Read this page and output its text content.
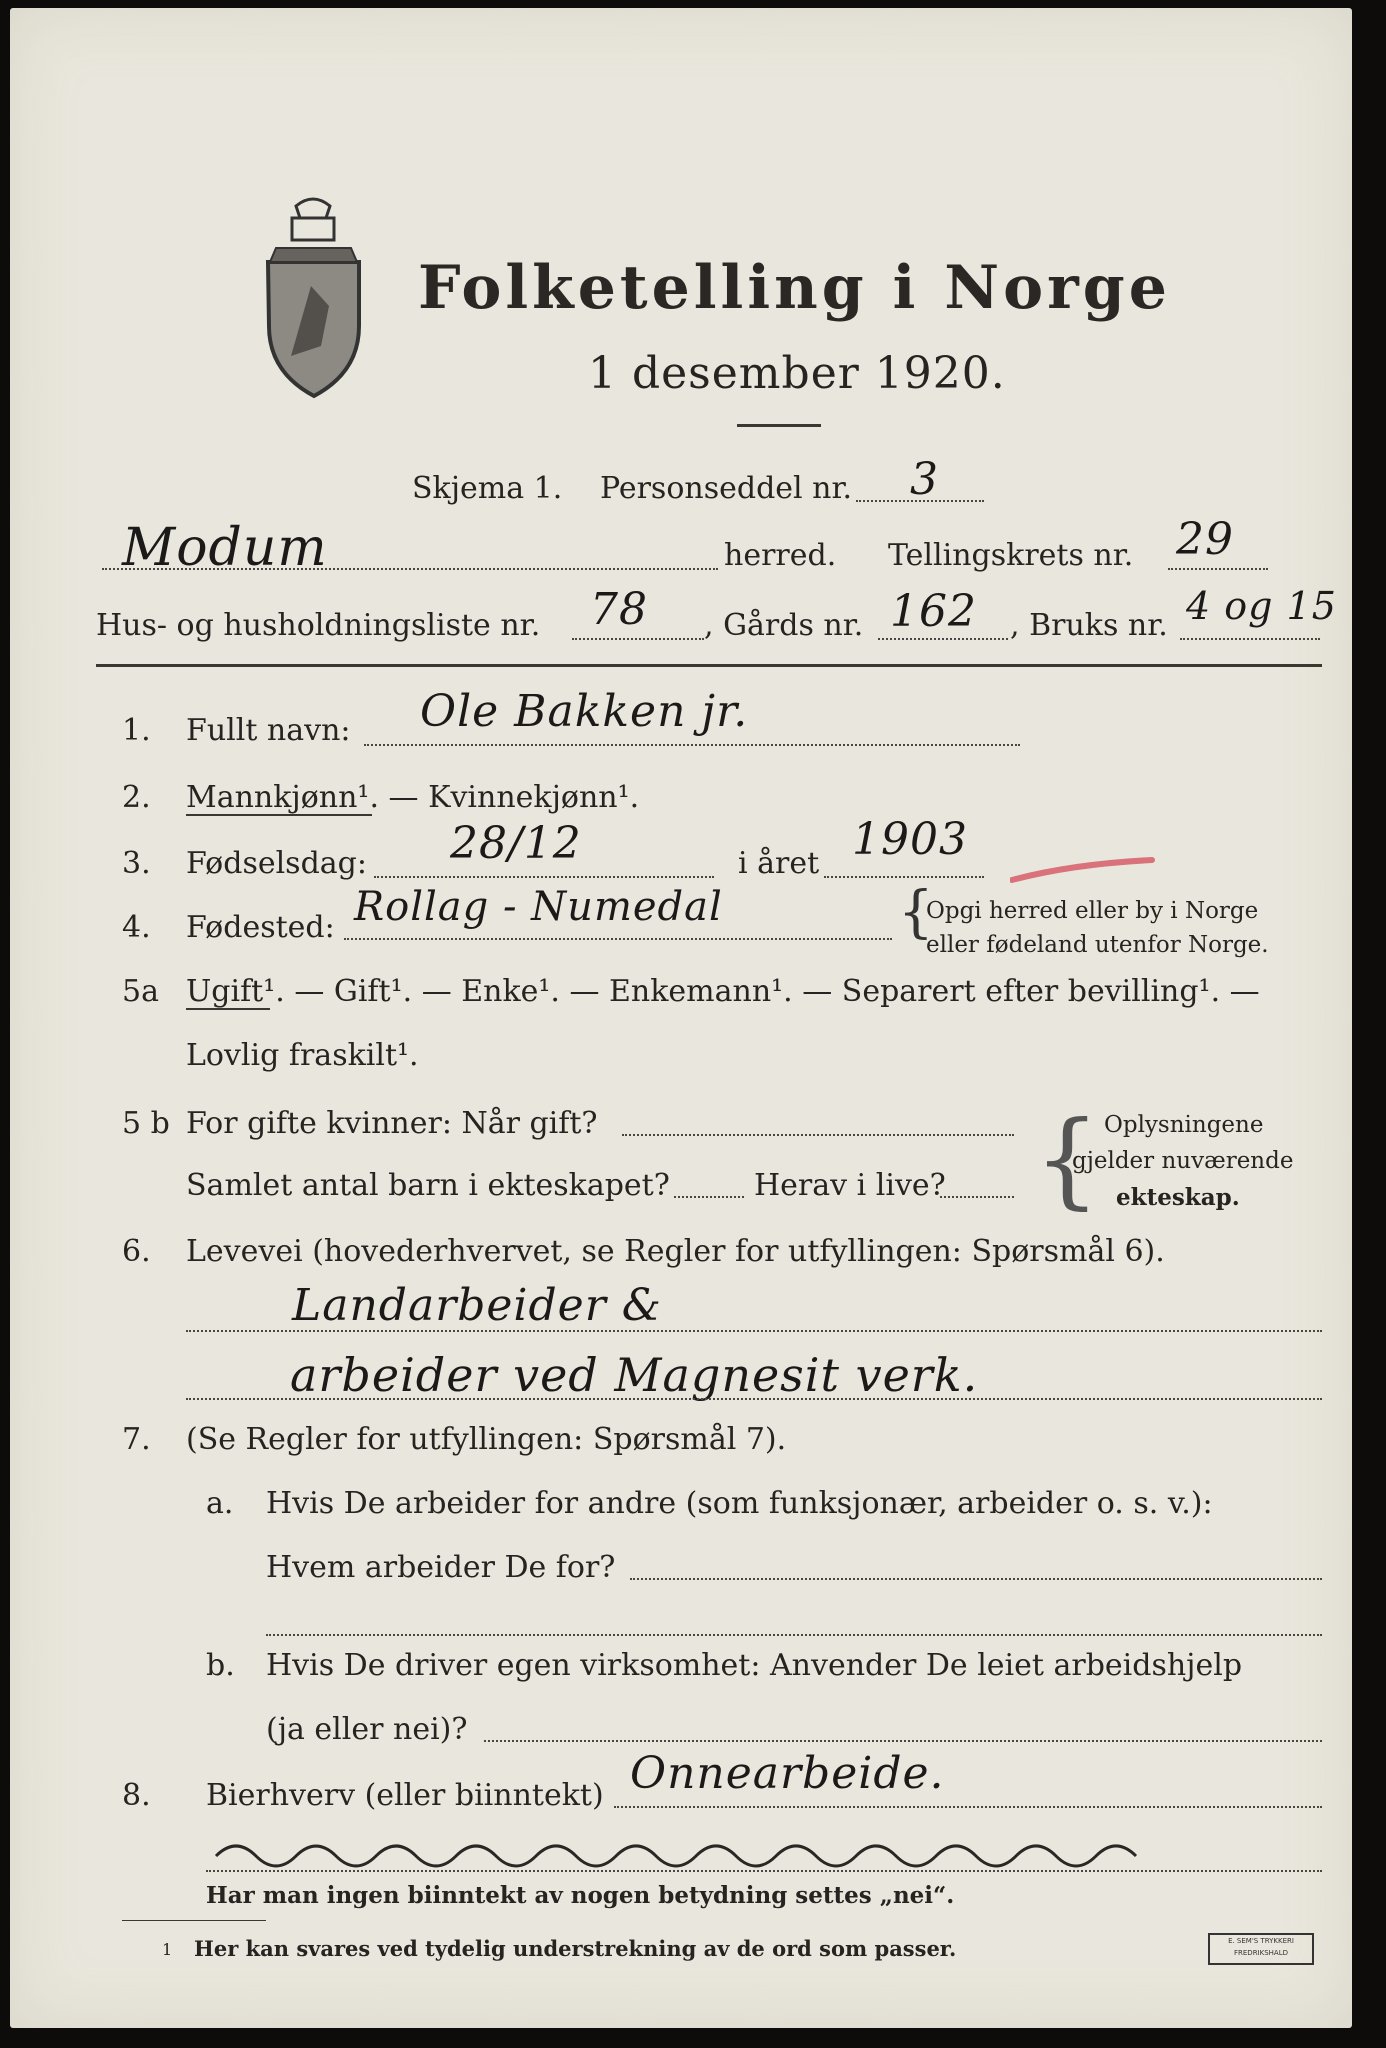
Folketelling i Norge
1 desember 1920.
Skjema 1. Personseddel nr. 3
Modum	herred. Tellingskrets nr. 29
Hus- og husholdningsliste nr. 78 , Gårds nr. 162 , Bruks nr. 4 og 15
1. Fullt navn: Ole Bakken jr.
2. Mannkjønn¹. — Kvinnekjønn¹.
3. Fødselsdag: 28/12	i året 1903
4. Fødested: Rollag - Numedal	{
Opgi herred eller by i Norge
eller fødeland utenfor Norge.
5a Ugift¹. — Gift¹. — Enke¹. — Enkemann¹. — Separert efter bevilling¹. —
Lovlig fraskilt¹.
5 b For gifte kvinner: Når gift?
Samlet antal barn i ekteskapet?	Herav i live? { Oplysningene
gjelder nuværende
ekteskap.
6. Levevei (hovederhvervet, se Regler for utfyllingen: Spørsmål 6).
Landarbeider &
arbeider ved Magnesit verk.
7. (Se Regler for utfyllingen: Spørsmål 7).
a. Hvis De arbeider for andre (som funksjonær, arbeider o. s. v.):
Hvem arbeider De for?
b. Hvis De driver egen virksomhet: Anvender De leiet arbeidshjelp
(ja eller nei)?
8. Bierhverv (eller biinntekt) Onnearbeide.
Har man ingen biinntekt av nogen betydning settes „nei“.
1 Her kan svares ved tydelig understrekning av de ord som passer.	E. SEM'S TRYKKERI
FREDRIKSHALD
